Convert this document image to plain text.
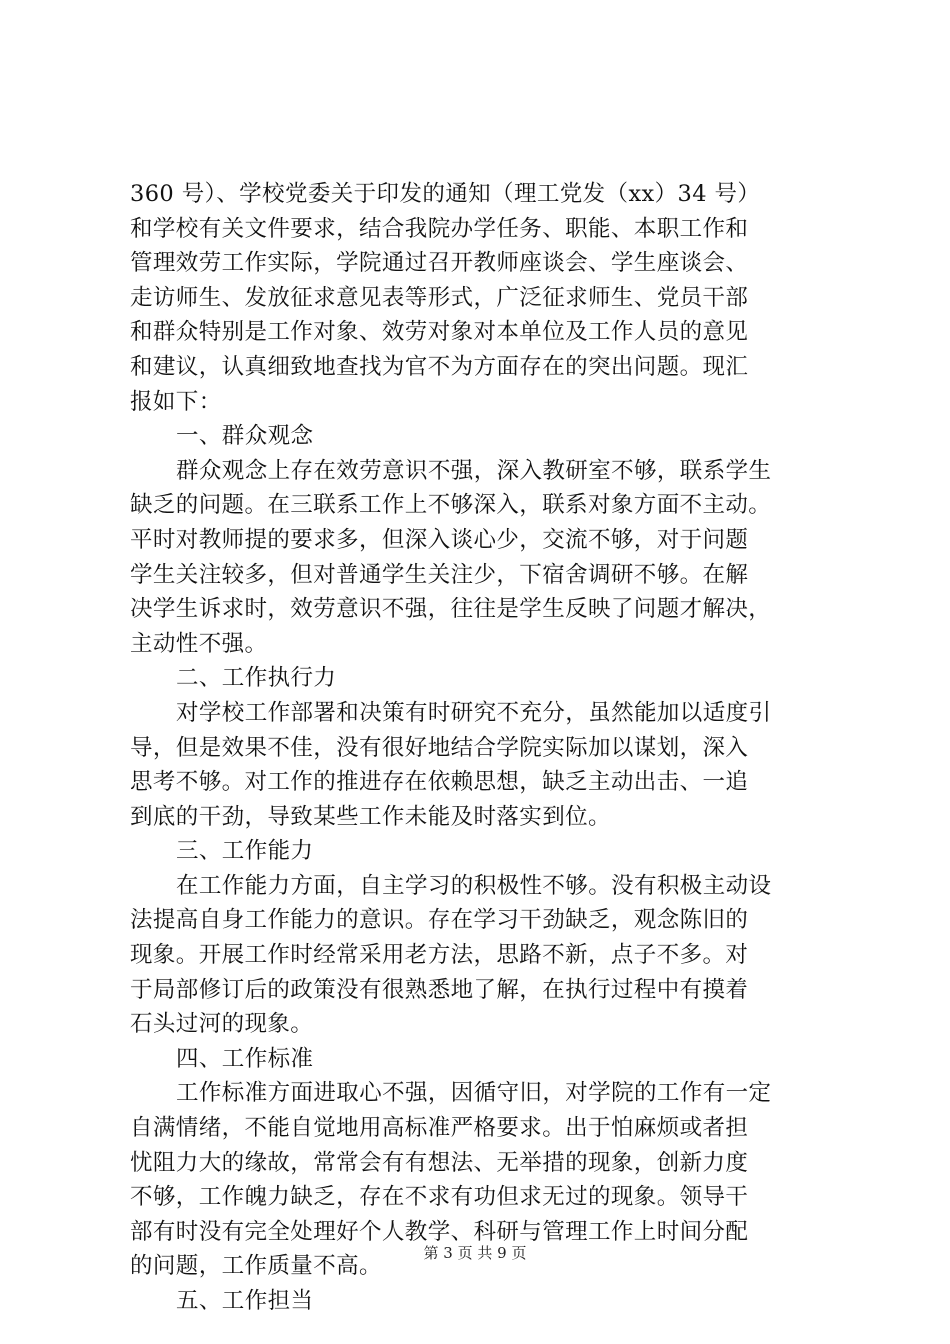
360 号）、学校党委关于印发的通知（理工党发（xx）34 号）
和学校有关文件要求，结合我院办学任务、职能、本职工作和
管理效劳工作实际，学院通过召开教师座谈会、学生座谈会、
走访师生、发放征求意见表等形式，广泛征求师生、党员干部
和群众特别是工作对象、效劳对象对本单位及工作人员的意见
和建议，认真细致地查找为官不为方面存在的突出问题。现汇
报如下：
一、群众观念
群众观念上存在效劳意识不强，深入教研室不够，联系学生
缺乏的问题。在三联系工作上不够深入，联系对象方面不主动。
平时对教师提的要求多，但深入谈心少，交流不够，对于问题
学生关注较多，但对普通学生关注少，下宿舍调研不够。在解
决学生诉求时，效劳意识不强，往往是学生反映了问题才解决，
主动性不强。
二、工作执行力
对学校工作部署和决策有时研究不充分，虽然能加以适度引
导，但是效果不佳，没有很好地结合学院实际加以谋划，深入
思考不够。对工作的推进存在依赖思想，缺乏主动出击、一追
到底的干劲，导致某些工作未能及时落实到位。
三、工作能力
在工作能力方面，自主学习的积极性不够。没有积极主动设
法提高自身工作能力的意识。存在学习干劲缺乏，观念陈旧的
现象。开展工作时经常采用老方法，思路不新，点子不多。对
于局部修订后的政策没有很熟悉地了解，在执行过程中有摸着
石头过河的现象。
四、工作标准
工作标准方面进取心不强，因循守旧，对学院的工作有一定
自满情绪，不能自觉地用高标准严格要求。出于怕麻烦或者担
忧阻力大的缘故，常常会有有想法、无举措的现象，创新力度
不够，工作魄力缺乏，存在不求有功但求无过的现象。领导干
部有时没有完全处理好个人教学、科研与管理工作上时间分配
的问题，工作质量不高。
五、工作担当
第 3 页 共 9 页
